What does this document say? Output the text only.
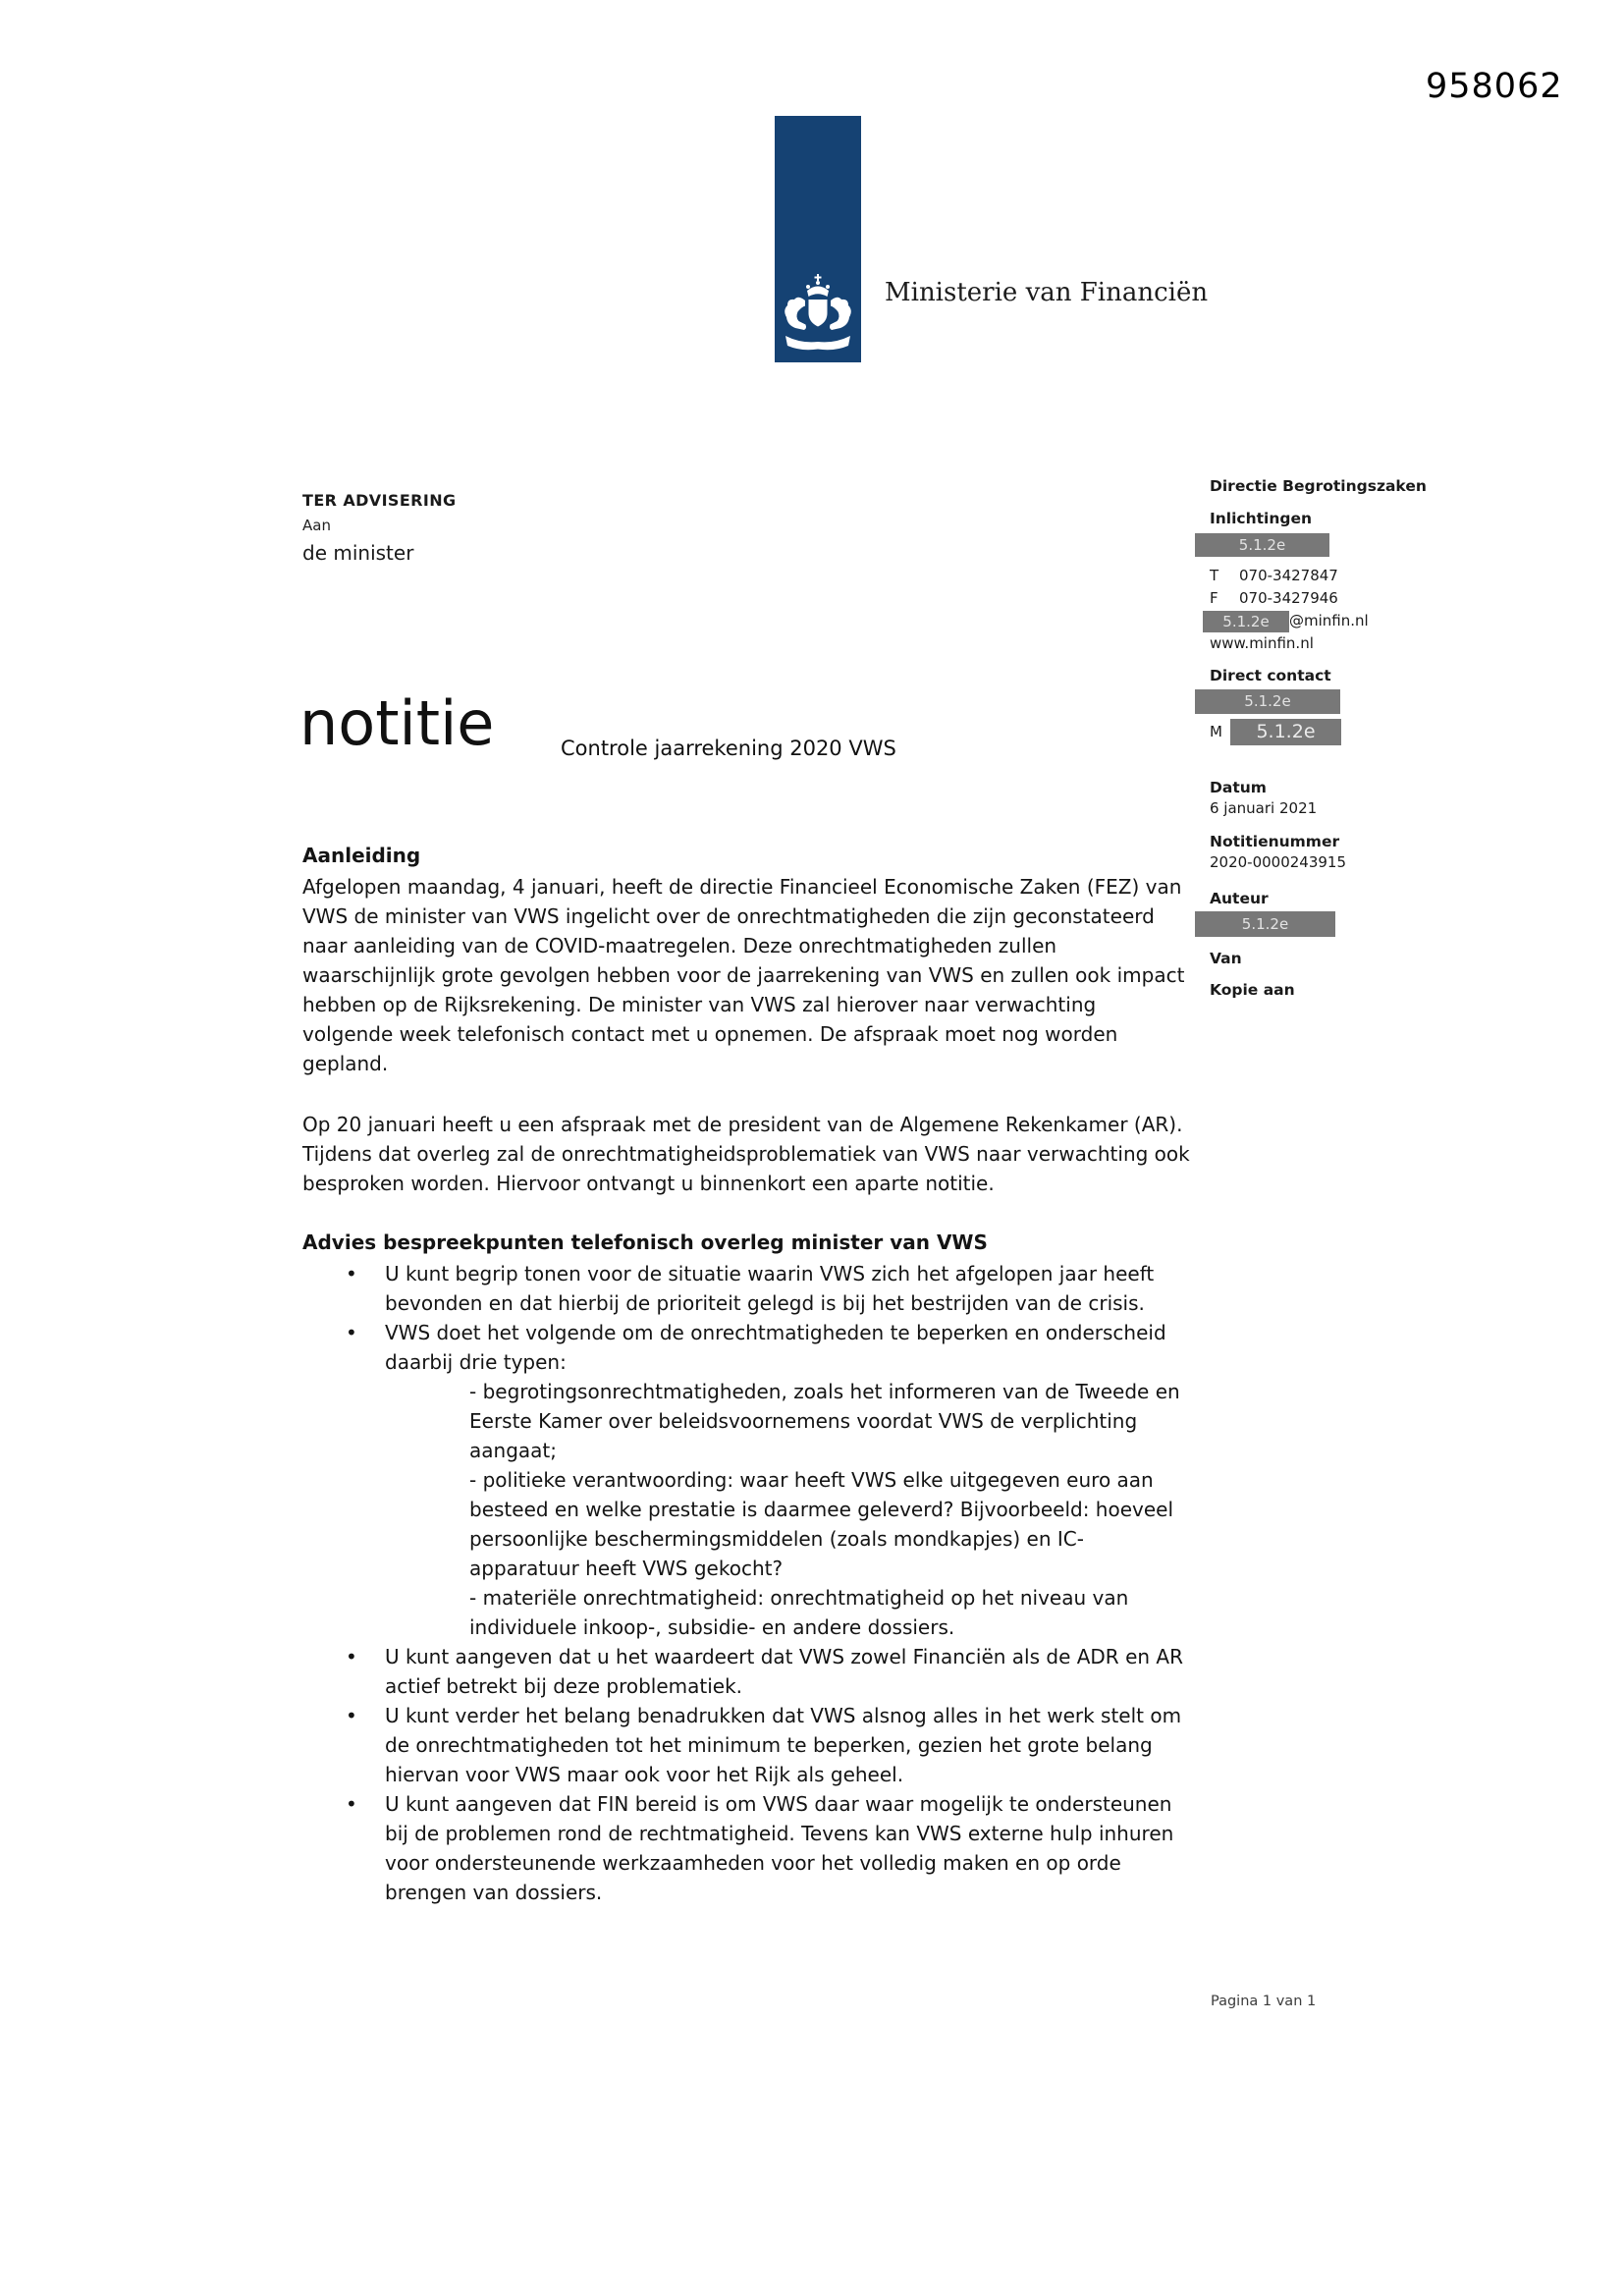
958062
Ministerie van Financiën
TER ADVISERING
Aan
de minister
notitie	Controle jaarrekening 2020 VWS
Directie Begrotingszaken
Inlichtingen
5.1.2e
T 070-3427847
F 070-3427946
5.1.2e @minfin.nl
www.minfin.nl
Direct contact
5.1.2e
M	5.1.2e
Datum
6 januari 2021
Notitienummer
2020-0000243915
Auteur
5.1.2e
Van
Kopie aan
Aanleiding
Afgelopen maandag, 4 januari, heeft de directie Financieel Economische Zaken (FEZ) van VWS de minister van VWS ingelicht over de onrechtmatigheden die zijn geconstateerd naar aanleiding van de COVID-maatregelen. Deze onrechtmatigheden zullen waarschijnlijk grote gevolgen hebben voor de jaarrekening van VWS en zullen ook impact hebben op de Rijksrekening. De minister van VWS zal hierover naar verwachting volgende week telefonisch contact met u opnemen. De afspraak moet nog worden gepland.
Op 20 januari heeft u een afspraak met de president van de Algemene Rekenkamer (AR). Tijdens dat overleg zal de onrechtmatigheidsproblematiek van VWS naar verwachting ook besproken worden. Hiervoor ontvangt u binnenkort een aparte notitie.
Advies bespreekpunten telefonisch overleg minister van VWS
• U kunt begrip tonen voor de situatie waarin VWS zich het afgelopen jaar heeft bevonden en dat hierbij de prioriteit gelegd is bij het bestrijden van de crisis.
• VWS doet het volgende om de onrechtmatigheden te beperken en onderscheid daarbij drie typen:
- begrotingsonrechtmatigheden, zoals het informeren van de Tweede en Eerste Kamer over beleidsvoornemens voordat VWS de verplichting aangaat;
- politieke verantwoording: waar heeft VWS elke uitgegeven euro aan besteed en welke prestatie is daarmee geleverd? Bijvoorbeeld: hoeveel persoonlijke beschermingsmiddelen (zoals mondkapjes) en IC-apparatuur heeft VWS gekocht?
- materiële onrechtmatigheid: onrechtmatigheid op het niveau van individuele inkoop-, subsidie- en andere dossiers.
• U kunt aangeven dat u het waardeert dat VWS zowel Financiën als de ADR en AR actief betrekt bij deze problematiek.
• U kunt verder het belang benadrukken dat VWS alsnog alles in het werk stelt om de onrechtmatigheden tot het minimum te beperken, gezien het grote belang hiervan voor VWS maar ook voor het Rijk als geheel.
• U kunt aangeven dat FIN bereid is om VWS daar waar mogelijk te ondersteunen bij de problemen rond de rechtmatigheid. Tevens kan VWS externe hulp inhuren voor ondersteunende werkzaamheden voor het volledig maken en op orde brengen van dossiers.
Pagina 1 van 1
